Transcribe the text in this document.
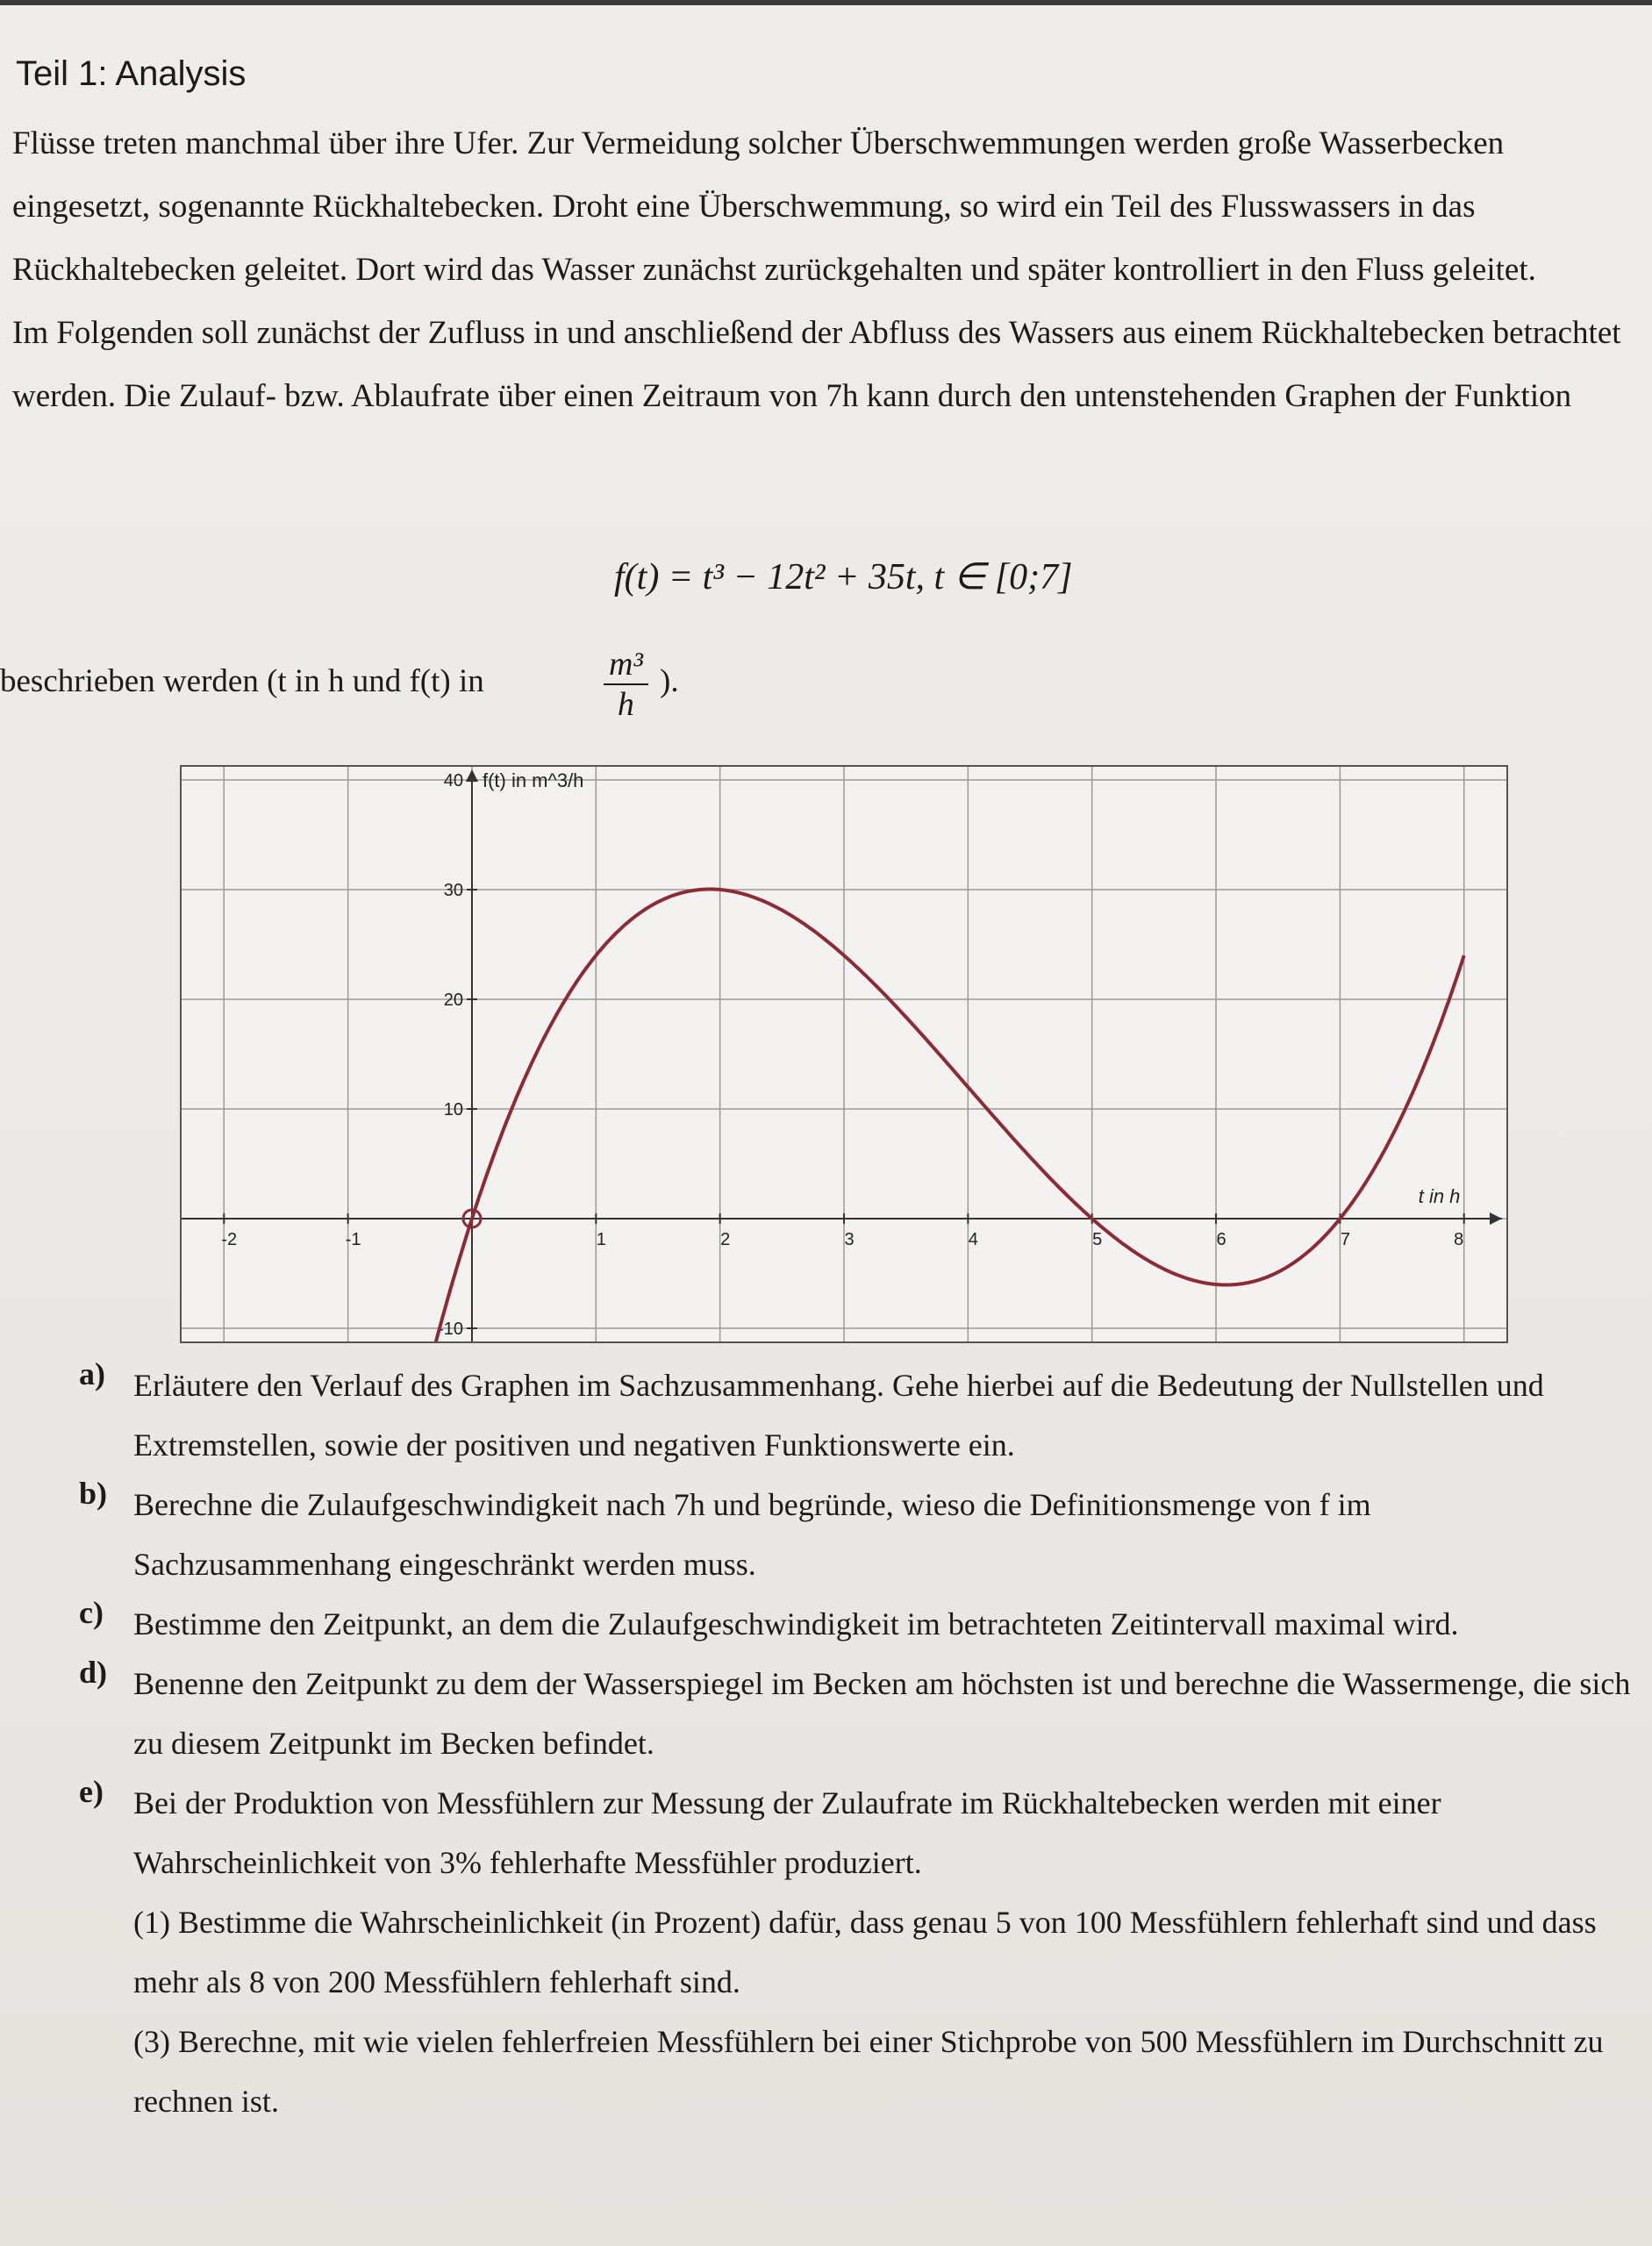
Teil 1: Analysis

Flüsse treten manchmal über ihre Ufer. Zur Vermeidung solcher Überschwemmungen werden große Wasserbecken eingesetzt, sogenannte Rückhaltebecken. Droht eine Überschwemmung, so wird ein Teil des Flusswassers in das Rückhaltebecken geleitet. Dort wird das Wasser zunächst zurückgehalten und später kontrolliert in den Fluss geleitet.

Im Folgenden soll zunächst der Zufluss in und anschließend der Abfluss des Wassers aus einem Rückhaltebecken betrachtet werden. Die Zulauf- bzw. Ablaufrate über einen Zeitraum von 7h kann durch den untenstehenden Graphen der Funktion

f(t) = t³ − 12t² + 35t, t ∈ [0;7]
beschrieben werden (t in h und f(t) in	$\frac{\text{m³}}{h}$ ).
-2	-1	1	2	3	4	5	6	7	8
40
30
20
10
-10
f(t) in m^3/h
t in h
a) Erläutere den Verlauf des Graphen im Sachzusammenhang. Gehe hierbei auf die Bedeutung der Nullstellen und Extremstellen, sowie der positiven und negativen Funktionswerte ein.
b) Berechne die Zulaufgeschwindigkeit nach 7h und begründe, wieso die Definitionsmenge von f im Sachzusammenhang eingeschränkt werden muss.
c) Bestimme den Zeitpunkt, an dem die Zulaufgeschwindigkeit im betrachteten Zeitintervall maximal wird.
d) Benenne den Zeitpunkt zu dem der Wasserspiegel im Becken am höchsten ist und berechne die Wassermenge, die sich zu diesem Zeitpunkt im Becken befindet.
e) Bei der Produktion von Messfühlern zur Messung der Zulaufrate im Rückhaltebecken werden mit einer Wahrscheinlichkeit von 3% fehlerhafte Messfühler produziert.
(1) Bestimme die Wahrscheinlichkeit (in Prozent) dafür, dass genau 5 von 100 Messfühlern fehlerhaft sind und dass mehr als 8 von 200 Messfühlern fehlerhaft sind.
(3) Berechne, mit wie vielen fehlerfreien Messfühlern bei einer Stichprobe von 500 Messfühlern im Durchschnitt zu rechnen ist.
